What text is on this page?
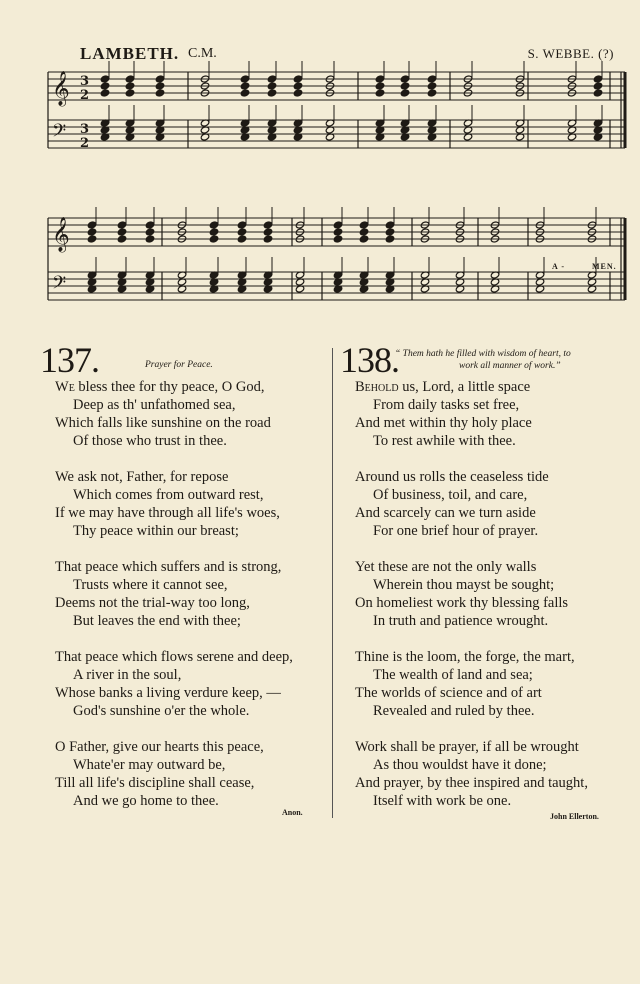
LAMBETH. C.M.	S. WEBBE. (?)
𝄞
𝄞
𝄢
𝄢
3
2
3
2
A -	MEN.
137.	Prayer for Peace.
We bless thee for thy peace, O God,
Deep as th' unfathomed sea,
Which falls like sunshine on the road
Of those who trust in thee.
We ask not, Father, for repose
Which comes from outward rest,
If we may have through all life's woes,
Thy peace within our breast;
That peace which suffers and is strong,
Trusts where it cannot see,
Deems not the trial-way too long,
But leaves the end with thee;
That peace which flows serene and deep,
A river in the soul,
Whose banks a living verdure keep, —
God's sunshine o'er the whole.
O Father, give our hearts this peace,
Whate'er may outward be,
Till all life's discipline shall cease,
And we go home to thee.
Anon.
138.
“ Them hath he filled with wisdom of heart, to
work all manner of work.”
Behold us, Lord, a little space
From daily tasks set free,
And met within thy holy place
To rest awhile with thee.
Around us rolls the ceaseless tide
Of business, toil, and care,
And scarcely can we turn aside
For one brief hour of prayer.
Yet these are not the only walls
Wherein thou mayst be sought;
On homeliest work thy blessing falls
In truth and patience wrought.
Thine is the loom, the forge, the mart,
The wealth of land and sea;
The worlds of science and of art
Revealed and ruled by thee.
Work shall be prayer, if all be wrought
As thou wouldst have it done;
And prayer, by thee inspired and taught,
Itself with work be one.
John Ellerton.
